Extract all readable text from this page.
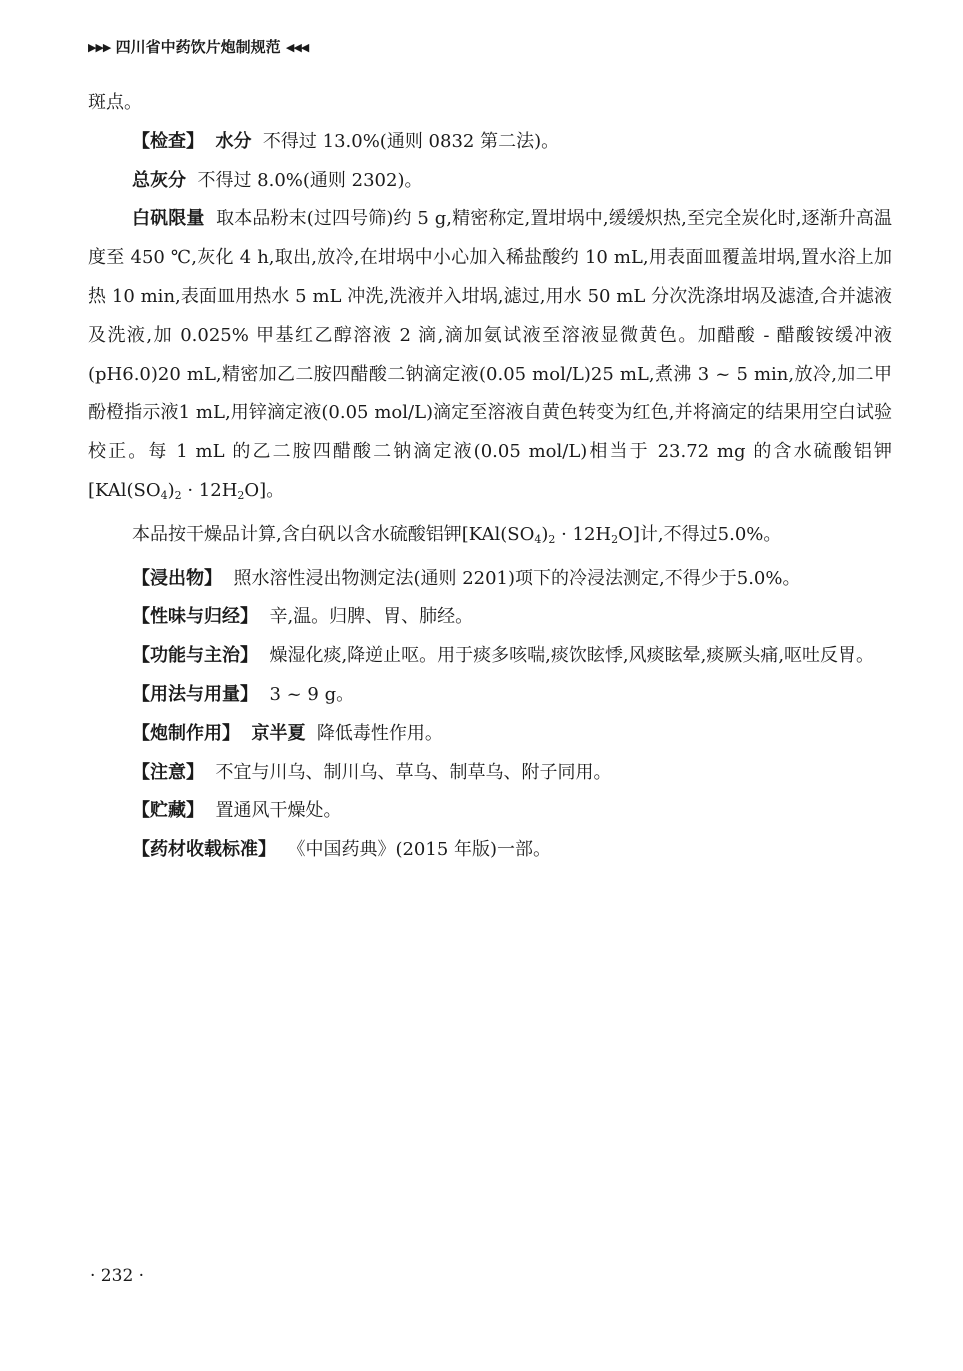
▶▶▶ 四川省中药饮片炮制规范 ◀◀◀

斑点。

【检查】 水分 不得过 13.0%(通则 0832 第二法)。

总灰分 不得过 8.0%(通则 2302)。

白矾限量 取本品粉末(过四号筛)约 5 g,精密称定,置坩埚中,缓缓炽热,至完全炭化时,逐渐升高温度至 450 ℃,灰化 4 h,取出,放冷,在坩埚中小心加入稀盐酸约 10 mL,用表面皿覆盖坩埚,置水浴上加热 10 min,表面皿用热水 5 mL 冲洗,洗液并入坩埚,滤过,用水 50 mL 分次洗涤坩埚及滤渣,合并滤液及洗液,加 0.025% 甲基红乙醇溶液 2 滴,滴加氨试液至溶液显微黄色。加醋酸 - 醋酸铵缓冲液(pH6.0)20 mL,精密加乙二胺四醋酸二钠滴定液(0.05 mol/L)25 mL,煮沸 3 ~ 5 min,放冷,加二甲酚橙指示液1 mL,用锌滴定液(0.05 mol/L)滴定至溶液自黄色转变为红色,并将滴定的结果用空白试验校正。每 1 mL 的乙二胺四醋酸二钠滴定液(0.05 mol/L)相当于 23.72 mg 的含水硫酸铝钾$[KAl(SO_4)_2 \cdot 12H_2O]$。

本品按干燥品计算,含白矾以含水硫酸铝钾$[KAl(SO_4)_2 \cdot 12H_2O]$计,不得过5.0%。

【浸出物】 照水溶性浸出物测定法(通则 2201)项下的冷浸法测定,不得少于5.0%。

【性味与归经】 辛,温。归脾、胃、肺经。

【功能与主治】 燥湿化痰,降逆止呕。用于痰多咳喘,痰饮眩悸,风痰眩晕,痰厥头痛,呕吐反胃。

【用法与用量】 3 ~ 9 g。

【炮制作用】 京半夏 降低毒性作用。

【注意】 不宜与川乌、制川乌、草乌、制草乌、附子同用。

【贮藏】 置通风干燥处。

【药材收载标准】 《中国药典》(2015 年版)一部。

· 232 ·
